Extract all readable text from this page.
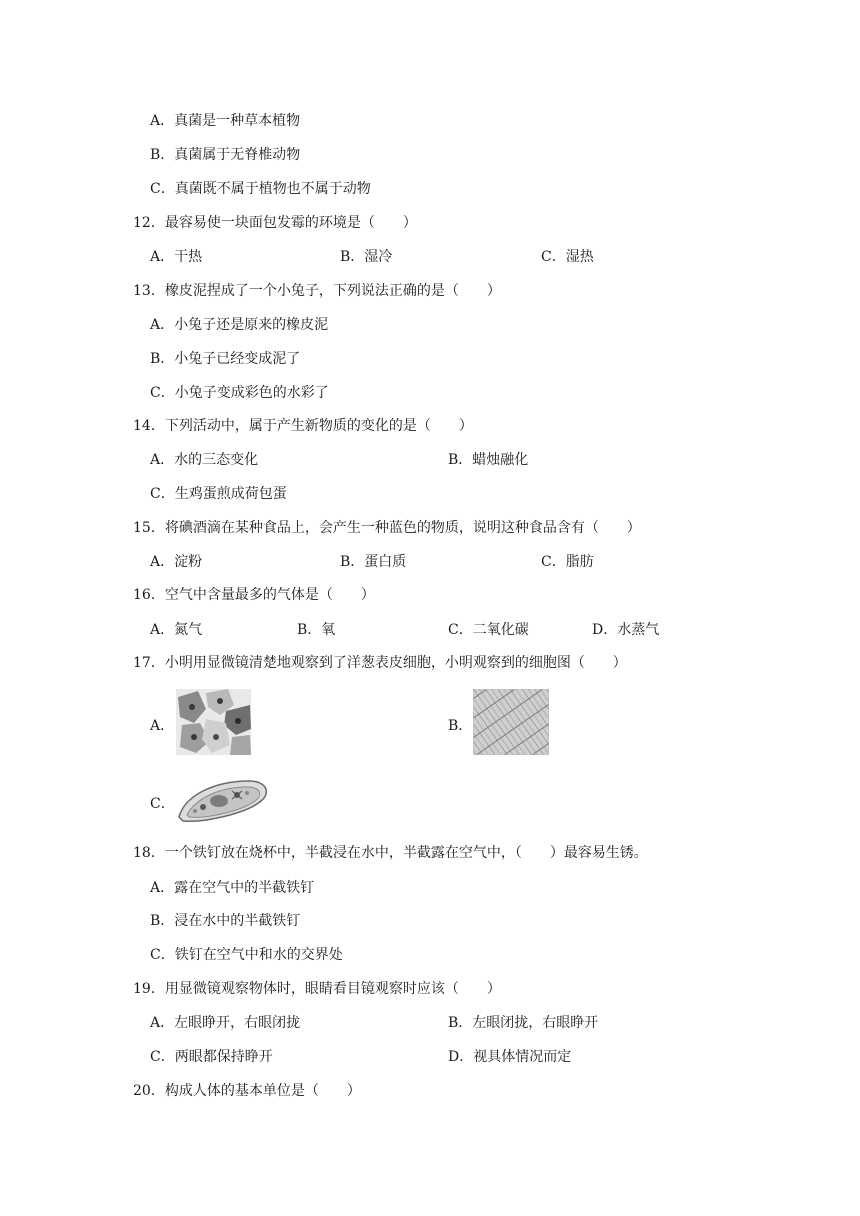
A．真菌是一种草本植物
B．真菌属于无脊椎动物
C．真菌既不属于植物也不属于动物
12．最容易使一块面包发霉的环境是（　　）
A．干热	B．湿冷	C．湿热
13．橡皮泥捏成了一个小兔子，下列说法正确的是（　　）
A．小兔子还是原来的橡皮泥
B．小兔子已经变成泥了
C．小兔子变成彩色的水彩了
14．下列活动中，属于产生新物质的变化的是（　　）
A．水的三态变化	B．蜡烛融化
C．生鸡蛋煎成荷包蛋
15．将碘酒滴在某种食品上，会产生一种蓝色的物质，说明这种食品含有（　　）
A．淀粉	B．蛋白质	C．脂肪
16．空气中含量最多的气体是（　　）
A．氮气	B．氧	C．二氧化碳	D．水蒸气
17．小明用显微镜清楚地观察到了洋葱表皮细胞，小明观察到的细胞图（　　）
A．	B．
C．
18．一个铁钉放在烧杯中，半截浸在水中，半截露在空气中，（　　）最容易生锈。
A．露在空气中的半截铁钉
B．浸在水中的半截铁钉
C．铁钉在空气中和水的交界处
19．用显微镜观察物体时，眼睛看目镜观察时应该（　　）
A．左眼睁开，右眼闭拢	B．左眼闭拢，右眼睁开
C．两眼都保持睁开	D．视具体情况而定
20．构成人体的基本单位是（　　）
